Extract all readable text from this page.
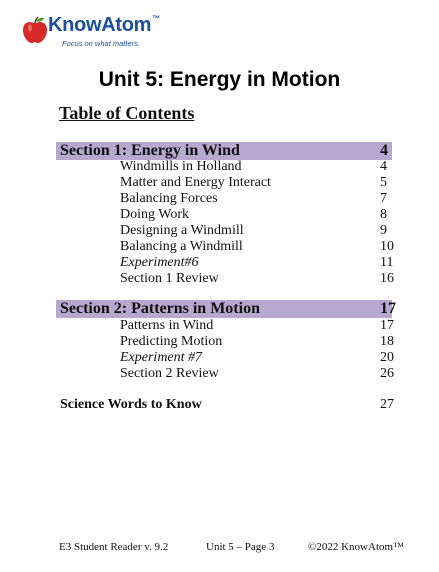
KnowAtom™
Focus on what matters.
Unit 5: Energy in Motion
Table of Contents
Section 1: Energy in Wind	4
Windmills in Holland	4
Matter and Energy Interact	5
Balancing Forces	7
Doing Work	8
Designing a Windmill	9
Balancing a Windmill	10
Experiment#6	11
Section 1 Review	16
Section 2: Patterns in Motion	17
Patterns in Wind	17
Predicting Motion	18
Experiment #7	20
Section 2 Review	26
Science Words to Know	27
E3 Student Reader v. 9.2	Unit 5 – Page 3	©2022 KnowAtom™
